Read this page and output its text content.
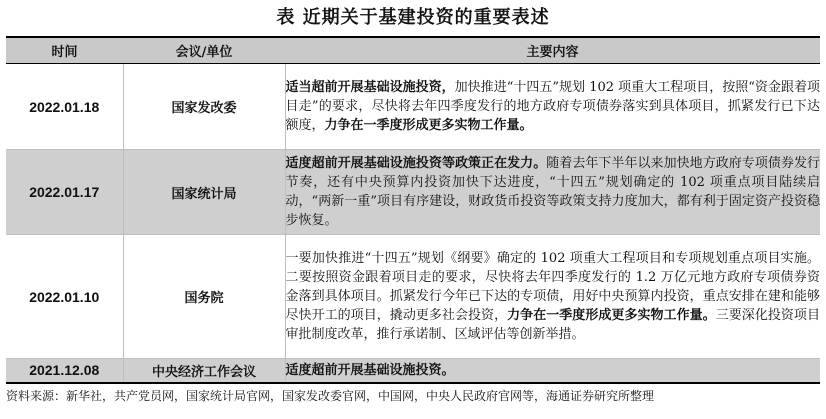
表 近期关于基建投资的重要表述
时间	会议/单位	主要内容
2022.01.18	国家发改委	适当超前开展基础设施投资，加快推进“十四五”规划 102 项重大工程项目，按照“资金跟着项目走”的要求，尽快将去年四季度发行的地方政府专项债券落实到具体项目，抓紧发行已下达额度，力争在一季度形成更多实物工作量。
2022.01.17	国家统计局	适度超前开展基础设施投资等政策正在发力。随着去年下半年以来加快地方政府专项债券发行节奏，还有中央预算内投资加快下达进度，“十四五”规划确定的 102 项重点项目陆续启动，“两新一重”项目有序建设，财政货币投资等政策支持力度加大，都有利于固定资产投资稳步恢复。
2022.01.10	国务院	一要加快推进“十四五”规划《纲要》确定的 102 项重大工程项目和专项规划重点项目实施。二要按照资金跟着项目走的要求，尽快将去年四季度发行的 1.2 万亿元地方政府专项债券资金落到具体项目。抓紧发行今年已下达的专项债，用好中央预算内投资，重点安排在建和能够尽快开工的项目，撬动更多社会投资，力争在一季度形成更多实物工作量。三要深化投资项目审批制度改革，推行承诺制、区域评估等创新举措。
2021.12.08	中央经济工作会议	适度超前开展基础设施投资。
资料来源：新华社，共产党员网，国家统计局官网，国家发改委官网，中国网，中央人民政府官网等，海通证券研究所整理
